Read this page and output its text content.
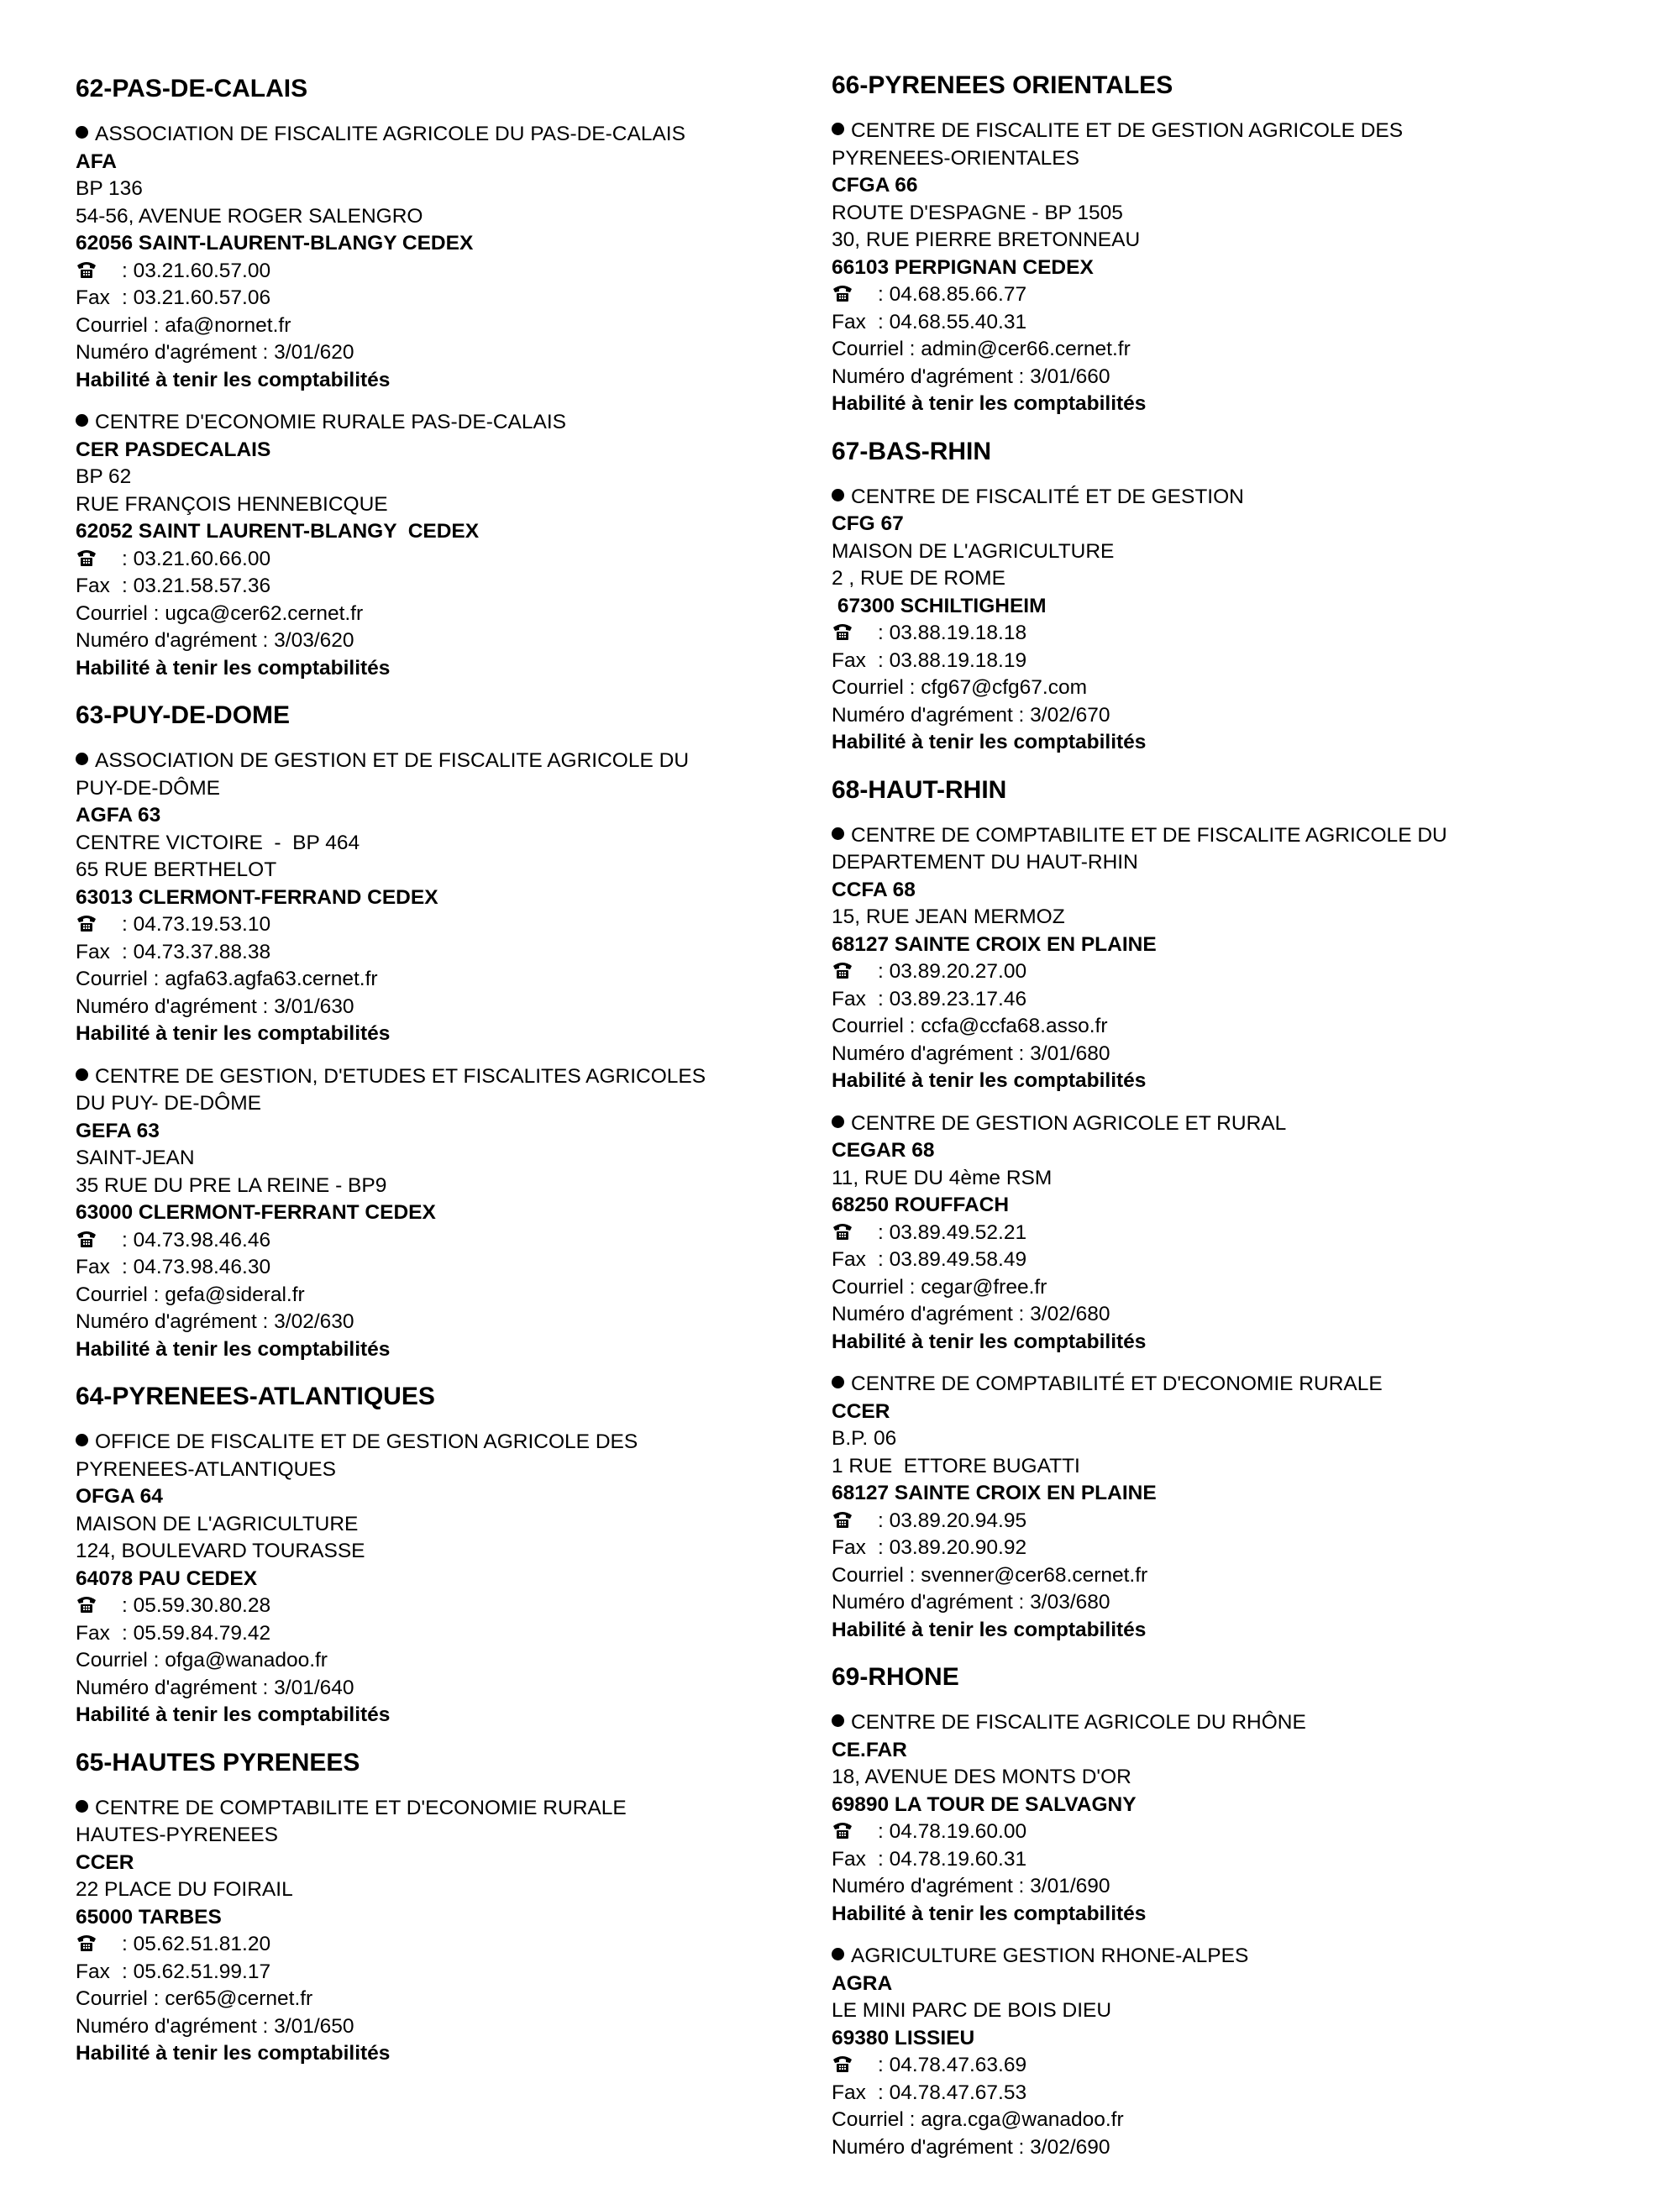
62-PAS-DE-CALAIS
ASSOCIATION DE FISCALITE AGRICOLE DU PAS-DE-CALAIS
AFA
BP 136
54-56, AVENUE ROGER SALENGRO
62056 SAINT-LAURENT-BLANGY CEDEX
: 03.21.60.57.00
Fax : 03.21.60.57.06
Courriel : afa@nornet.fr
Numéro d'agrément : 3/01/620
Habilité à tenir les comptabilités
CENTRE D'ECONOMIE RURALE PAS-DE-CALAIS
CER PASDECALAIS
BP 62
RUE FRANÇOIS HENNEBICQUE
62052 SAINT LAURENT-BLANGY  CEDEX
: 03.21.60.66.00
Fax : 03.21.58.57.36
Courriel : ugca@cer62.cernet.fr
Numéro d'agrément : 3/03/620
Habilité à tenir les comptabilités
63-PUY-DE-DOME
ASSOCIATION DE GESTION ET DE FISCALITE AGRICOLE DU
PUY-DE-DÔME
AGFA 63
CENTRE VICTOIRE  -  BP 464
65 RUE BERTHELOT
63013 CLERMONT-FERRAND CEDEX
: 04.73.19.53.10
Fax : 04.73.37.88.38
Courriel : agfa63.agfa63.cernet.fr
Numéro d'agrément : 3/01/630
Habilité à tenir les comptabilités
CENTRE DE GESTION, D'ETUDES ET FISCALITES AGRICOLES
DU PUY- DE-DÔME
GEFA 63
SAINT-JEAN
35 RUE DU PRE LA REINE - BP9
63000 CLERMONT-FERRANT CEDEX
: 04.73.98.46.46
Fax : 04.73.98.46.30
Courriel : gefa@sideral.fr
Numéro d'agrément : 3/02/630
Habilité à tenir les comptabilités
64-PYRENEES-ATLANTIQUES
OFFICE DE FISCALITE ET DE GESTION AGRICOLE DES
PYRENEES-ATLANTIQUES
OFGA 64
MAISON DE L'AGRICULTURE
124, BOULEVARD TOURASSE
64078 PAU CEDEX
: 05.59.30.80.28
Fax : 05.59.84.79.42
Courriel : ofga@wanadoo.fr
Numéro d'agrément : 3/01/640
Habilité à tenir les comptabilités
65-HAUTES PYRENEES
CENTRE DE COMPTABILITE ET D'ECONOMIE RURALE
HAUTES-PYRENEES
CCER
22 PLACE DU FOIRAIL
65000 TARBES
: 05.62.51.81.20
Fax : 05.62.51.99.17
Courriel : cer65@cernet.fr
Numéro d'agrément : 3/01/650
Habilité à tenir les comptabilités
66-PYRENEES ORIENTALES
CENTRE DE FISCALITE ET DE GESTION AGRICOLE DES
PYRENEES-ORIENTALES
CFGA 66
ROUTE D'ESPAGNE - BP 1505
30, RUE PIERRE BRETONNEAU
66103 PERPIGNAN CEDEX
: 04.68.85.66.77
Fax : 04.68.55.40.31
Courriel : admin@cer66.cernet.fr
Numéro d'agrément : 3/01/660
Habilité à tenir les comptabilités
67-BAS-RHIN
CENTRE DE FISCALITÉ ET DE GESTION
CFG 67
MAISON DE L'AGRICULTURE
2 , RUE DE ROME
67300 SCHILTIGHEIM
: 03.88.19.18.18
Fax : 03.88.19.18.19
Courriel : cfg67@cfg67.com
Numéro d'agrément : 3/02/670
Habilité à tenir les comptabilités
68-HAUT-RHIN
CENTRE DE COMPTABILITE ET DE FISCALITE AGRICOLE DU
DEPARTEMENT DU HAUT-RHIN
CCFA 68
15, RUE JEAN MERMOZ
68127 SAINTE CROIX EN PLAINE
: 03.89.20.27.00
Fax : 03.89.23.17.46
Courriel : ccfa@ccfa68.asso.fr
Numéro d'agrément : 3/01/680
Habilité à tenir les comptabilités
CENTRE DE GESTION AGRICOLE ET RURAL
CEGAR 68
11, RUE DU 4ème RSM
68250 ROUFFACH
: 03.89.49.52.21
Fax : 03.89.49.58.49
Courriel : cegar@free.fr
Numéro d'agrément : 3/02/680
Habilité à tenir les comptabilités
CENTRE DE COMPTABILITÉ ET D'ECONOMIE RURALE
CCER
B.P. 06
1 RUE  ETTORE BUGATTI
68127 SAINTE CROIX EN PLAINE
: 03.89.20.94.95
Fax : 03.89.20.90.92
Courriel : svenner@cer68.cernet.fr
Numéro d'agrément : 3/03/680
Habilité à tenir les comptabilités
69-RHONE
CENTRE DE FISCALITE AGRICOLE DU RHÔNE
CE.FAR
18, AVENUE DES MONTS D'OR
69890 LA TOUR DE SALVAGNY
: 04.78.19.60.00
Fax : 04.78.19.60.31
Numéro d'agrément : 3/01/690
Habilité à tenir les comptabilités
AGRICULTURE GESTION RHONE-ALPES
AGRA
LE MINI PARC DE BOIS DIEU
69380 LISSIEU
: 04.78.47.63.69
Fax : 04.78.47.67.53
Courriel : agra.cga@wanadoo.fr
Numéro d'agrément : 3/02/690
